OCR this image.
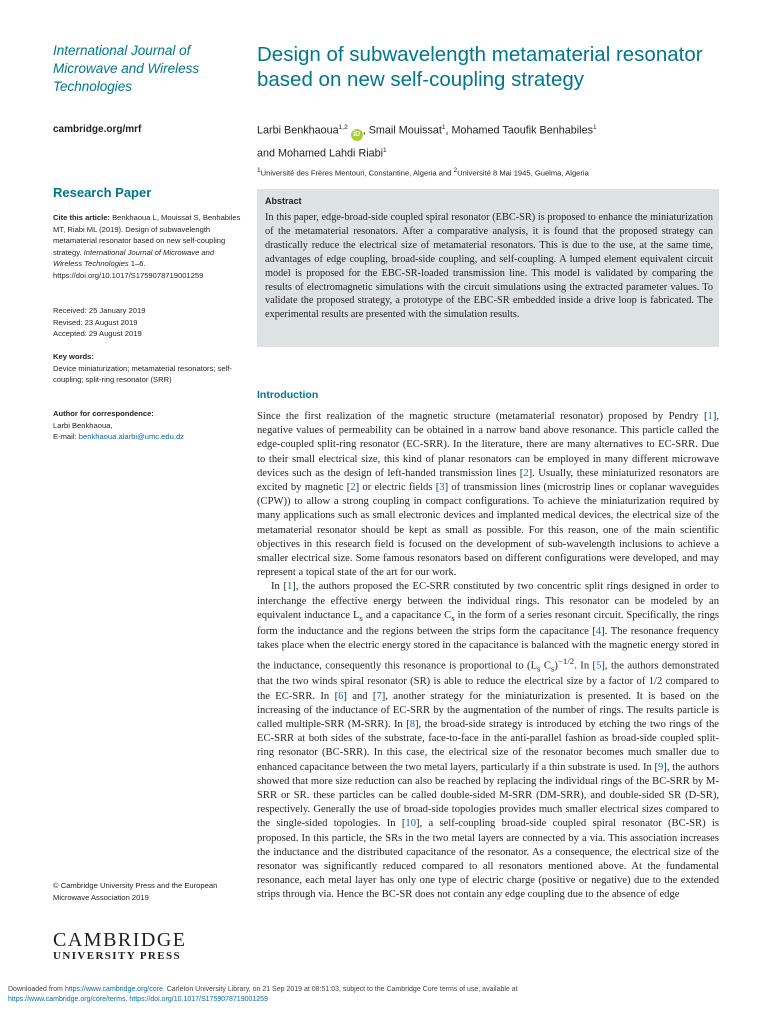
International Journal of Microwave and Wireless Technologies
cambridge.org/mrf
Research Paper
Cite this article: Benkhaoua L, Mouissat S, Benhabiles MT, Riabi ML (2019). Design of subwavelength metamaterial resonator based on new self-coupling strategy. International Journal of Microwave and Wireless Technologies 1–6. https://doi.org/10.1017/S1759078719001259
Received: 25 January 2019
Revised: 23 August 2019
Accepted: 29 August 2019
Key words:
Device miniaturization; metamaterial resonators; self-coupling; split-ring resonator (SRR)
Author for correspondence:
Larbi Benkhaoua,
E-mail: benkhaoua.alarbi@umc.edu.dz
© Cambridge University Press and the European Microwave Association 2019
CAMBRIDGE
UNIVERSITY PRESS
Design of subwavelength metamaterial resonator based on new self-coupling strategy
Larbi Benkhaoua$^{1,2}$ iD , Smail Mouissat$^1$, Mohamed Taoufik Benhabiles$^1$
and Mohamed Lahdi Riabi$^1$
$^1$Université des Frères Mentouri, Constantine, Algeria and $^2$Université 8 Mai 1945, Guelma, Algeria
Abstract
In this paper, edge-broad-side coupled spiral resonator (EBC-SR) is proposed to enhance the miniaturization of the metamaterial resonators. After a comparative analysis, it is found that the proposed strategy can drastically reduce the electrical size of metamaterial resonators. This is due to the use, at the same time, advantages of edge coupling, broad-side coupling, and self-coupling. A lumped element equivalent circuit model is proposed for the EBC-SR-loaded transmission line. This model is validated by comparing the results of electromagnetic simulations with the circuit simulations using the extracted parameter values. To validate the proposed strategy, a prototype of the EBC-SR embedded inside a drive loop is fabricated. The experimental results are presented with the simulation results.
Introduction

Since the first realization of the magnetic structure (metamaterial resonator) proposed by Pendry [1], negative values of permeability can be obtained in a narrow band above resonance. This particle called the edge-coupled split-ring resonator (EC-SRR). In the literature, there are many alternatives to EC-SRR. Due to their small electrical size, this kind of planar resonators can be employed in many different microwave devices such as the design of left-handed transmission lines [2]. Usually, these miniaturized resonators are excited by magnetic [2] or electric fields [3] of transmission lines (microstrip lines or coplanar waveguides (CPW)) to allow a strong coupling in compact configurations. To achieve the miniaturization required by many applications such as small electronic devices and implanted medical devices, the electrical size of the metamaterial resonator should be kept as small as possible. For this reason, one of the main scientific objectives in this research field is focused on the development of sub-wavelength inclusions to achieve a smaller electrical size. Some famous resonators based on different configurations were developed, and may represent a topical state of the art for our work.

In [1], the authors proposed the EC-SRR constituted by two concentric split rings designed in order to interchange the effective energy between the individual rings. This resonator can be modeled by an equivalent inductance $L_s$ and a capacitance $C_s$ in the form of a series resonant circuit. Specifically, the rings form the inductance and the regions between the strips form the capacitance [4]. The resonance frequency takes place when the electric energy stored in the capacitance is balanced with the magnetic energy stored in the inductance, consequently this resonance is proportional to ($L_s$ $C_s)^{-1/2}$. In [5], the authors demonstrated that the two winds spiral resonator (SR) is able to reduce the electrical size by a factor of 1/2 compared to the EC-SRR. In [6] and [7], another strategy for the miniaturization is presented. It is based on the increasing of the inductance of EC-SRR by the augmentation of the number of rings. The results particle is called multiple-SRR (M-SRR). In [8], the broad-side strategy is introduced by etching the two rings of the EC-SRR at both sides of the substrate, face-to-face in the anti-parallel fashion as broad-side coupled split-ring resonator (BC-SRR). In this case, the electrical size of the resonator becomes much smaller due to enhanced capacitance between the two metal layers, particularly if a thin substrate is used. In [9], the authors showed that more size reduction can also be reached by replacing the individual rings of the BC-SRR by M-SRR or SR. these particles can be called double-sided M-SRR (DM-SRR), and double-sided SR (D-SR), respectively. Generally the use of broad-side topologies provides much smaller electrical sizes compared to the single-sided topologies. In [10], a self-coupling broad-side coupled spiral resonator (BC-SR) is proposed. In this particle, the SRs in the two metal layers are connected by a via. This association increases the inductance and the distributed capacitance of the resonator. As a consequence, the electrical size of the resonator was significantly reduced compared to all resonators mentioned above. At the fundamental resonance, each metal layer has only one type of electric charge (positive or negative) due to the extended strips through via. Hence the BC-SR does not contain any edge coupling due to the absence of edge

Downloaded from https://www.cambridge.org/core. Carleton University Library, on 21 Sep 2019 at 08:51:03, subject to the Cambridge Core terms of use, available at
https://www.cambridge.org/core/terms. https://doi.org/10.1017/S1759078719001259
